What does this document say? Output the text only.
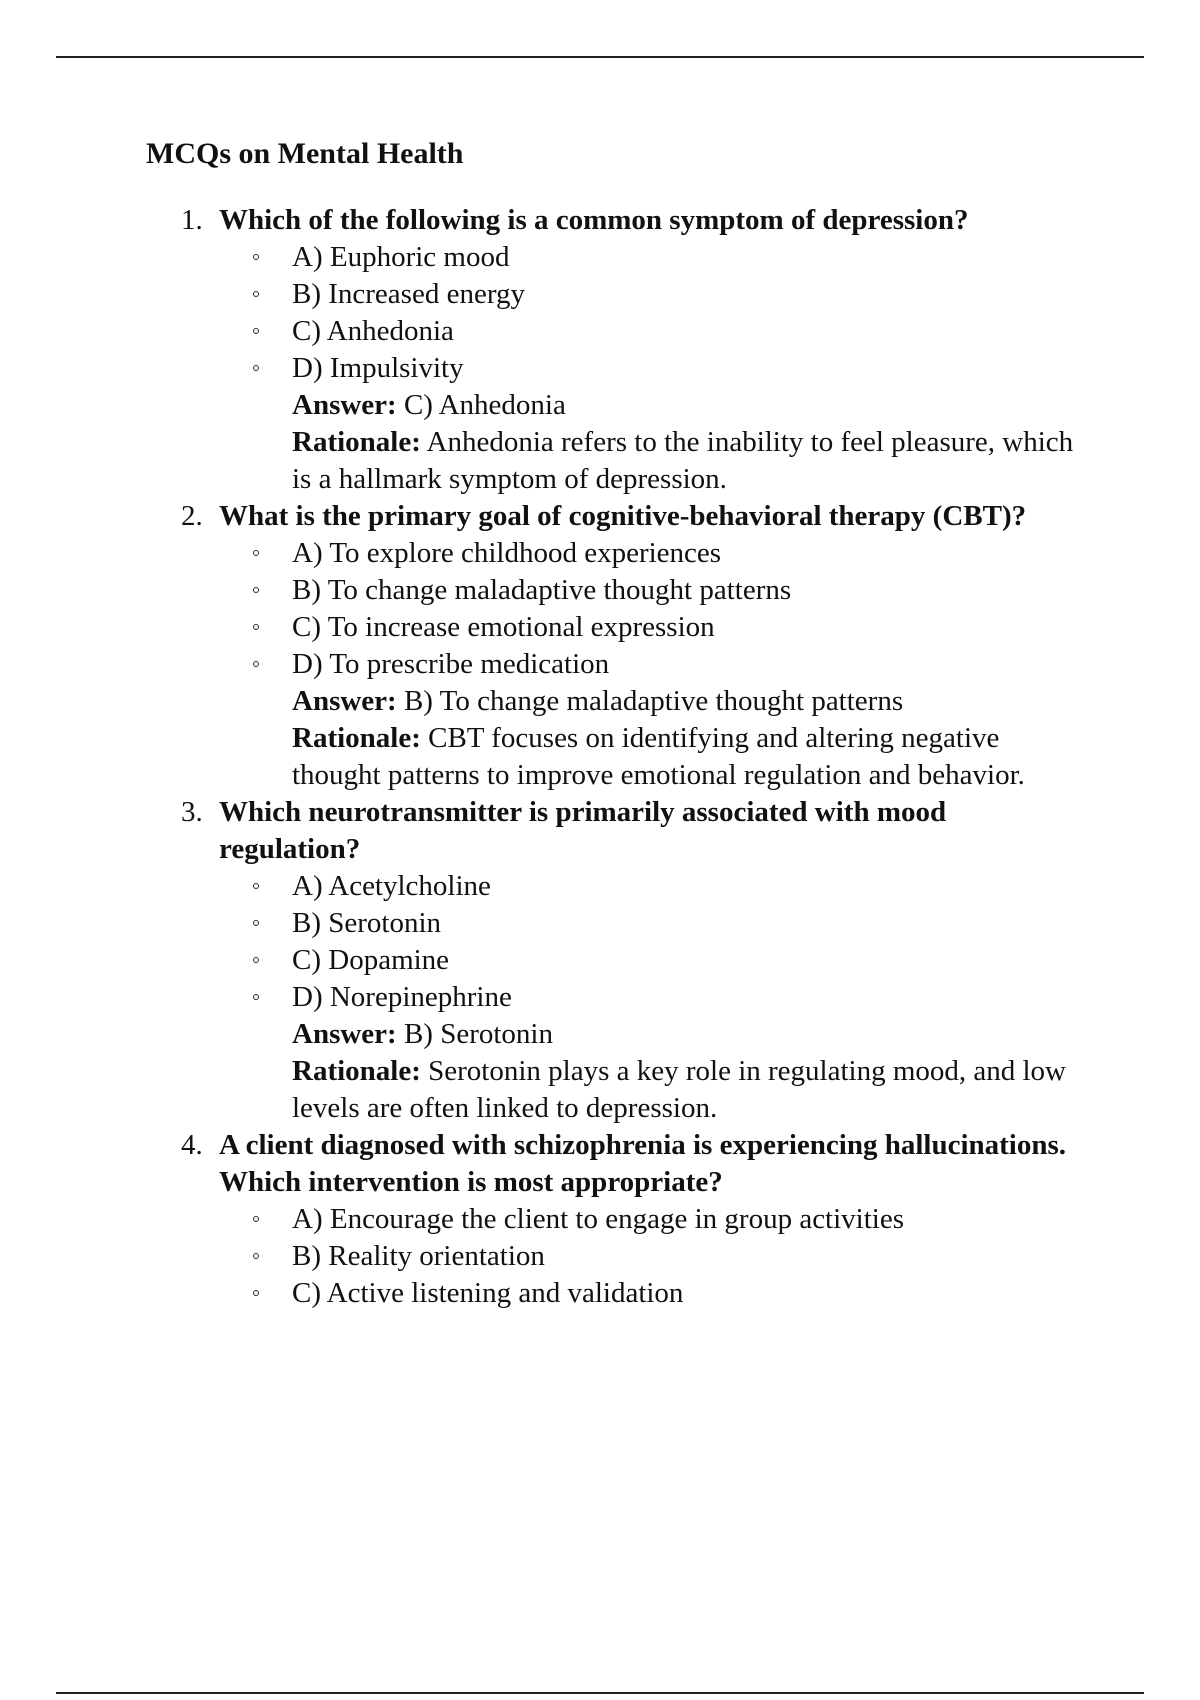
MCQs on Mental Health
1. Which of the following is a common symptom of depression?
A) Euphoric mood
B) Increased energy
C) Anhedonia
D) Impulsivity
Answer: C) Anhedonia
Rationale: Anhedonia refers to the inability to feel pleasure, which is a hallmark symptom of depression.
2. What is the primary goal of cognitive-behavioral therapy (CBT)?
A) To explore childhood experiences
B) To change maladaptive thought patterns
C) To increase emotional expression
D) To prescribe medication
Answer: B) To change maladaptive thought patterns
Rationale: CBT focuses on identifying and altering negative thought patterns to improve emotional regulation and behavior.
3. Which neurotransmitter is primarily associated with mood regulation?
A) Acetylcholine
B) Serotonin
C) Dopamine
D) Norepinephrine
Answer: B) Serotonin
Rationale: Serotonin plays a key role in regulating mood, and low levels are often linked to depression.
4. A client diagnosed with schizophrenia is experiencing hallucinations. Which intervention is most appropriate?
A) Encourage the client to engage in group activities
B) Reality orientation
C) Active listening and validation
